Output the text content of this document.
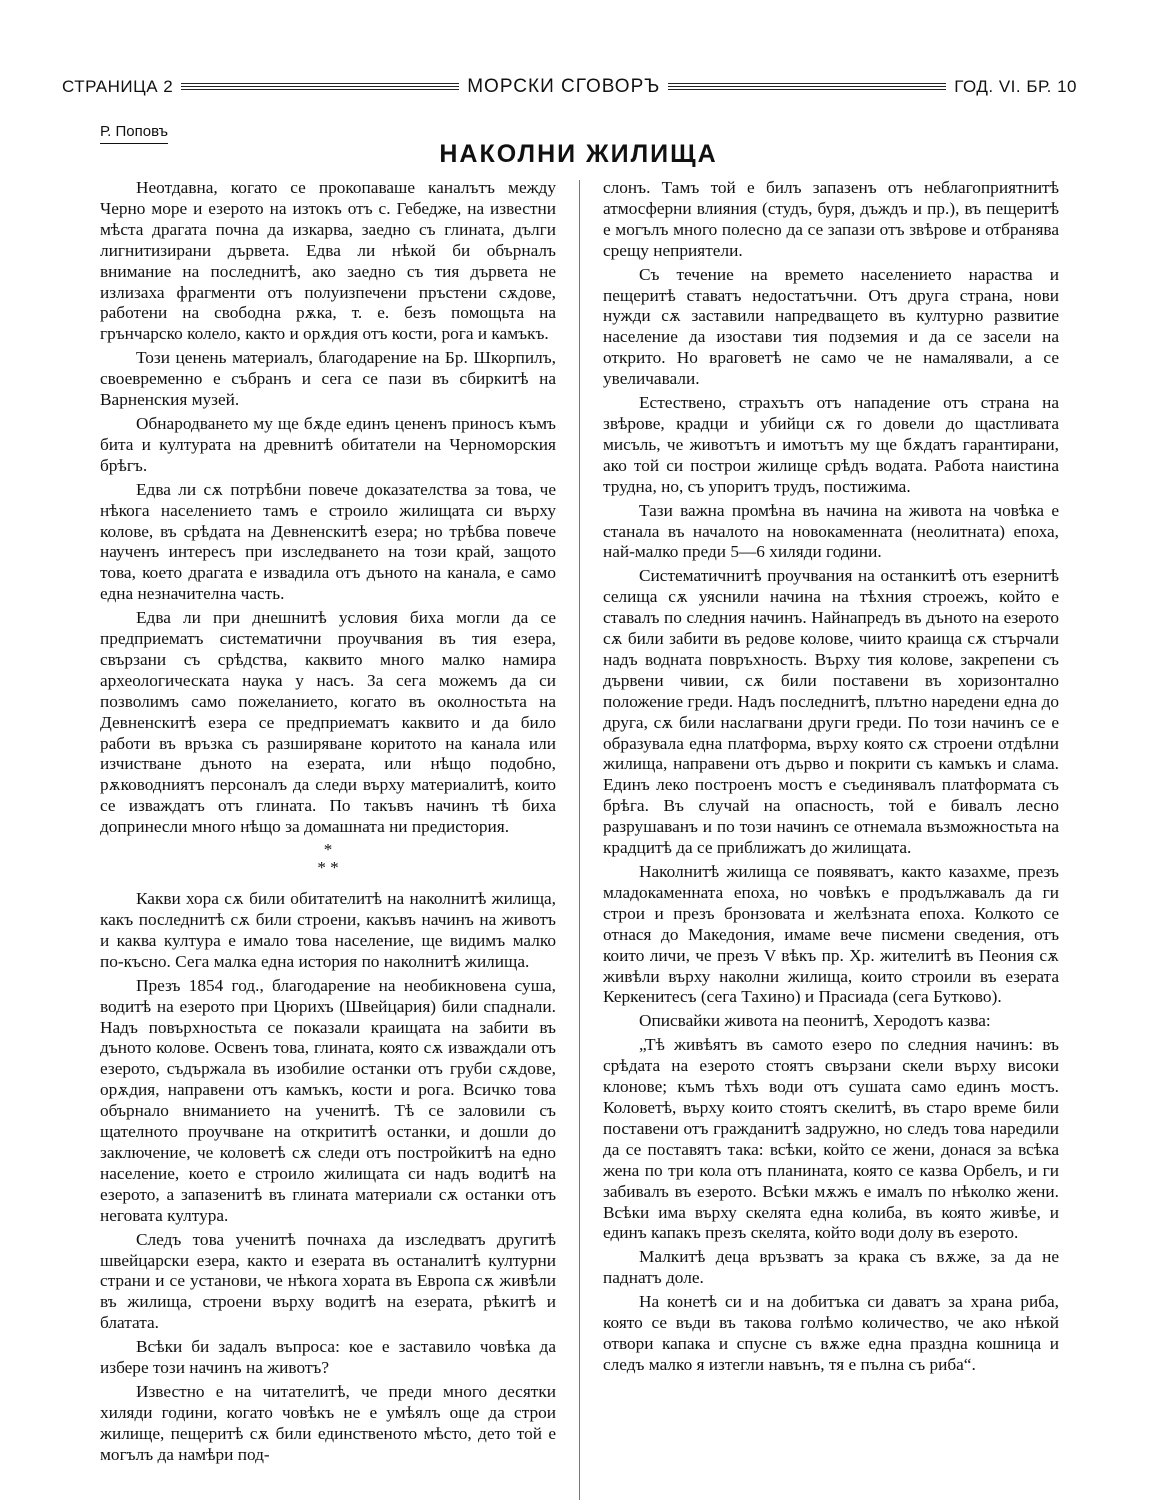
СТРАНИЦА 2	МОРСКИ СГОВОРЪ	ГОД. VI. БР. 10
Р. Поповъ
НАКОЛНИ ЖИЛИЩА

Неотдавна, когато се прокопаваше каналътъ между Черно море и езерото на изтокъ отъ с. Гебедже, на известни мѣста драгата почна да изкарва, заедно съ глината, дълги лигнитизирани дървета. Едва ли нѣкой би обърналъ внимание на последнитѣ, ако заедно съ тия дървета не излизаха фрагменти отъ полуизпечени пръстени сѫдове, работени на свободна рѫка, т. е. безъ помощьта на грънчарско колело, както и орѫдия отъ кости, рога и камъкъ.

Този ценень материалъ, благодарение на Бр. Шкорпилъ, своевременно е събранъ и сега се пази въ сбиркитѣ на Варненския музей.

Обнародването му ще бѫде единъ цененъ приносъ къмъ бита и културата на древнитѣ обитатели на Черноморския брѣгъ.

Едва ли сѫ потрѣбни повече доказателства за това, че нѣкога населението тамъ е строило жилищата си върху колове, въ срѣдата на Девненскитѣ езера; но трѣбва повече наученъ интересъ при изследването на този край, защото това, което драгата е извадила отъ дъното на канала, е само една незначителна часть.

Едва ли при днешнитѣ условия биха могли да се предприематъ систематични проучвания въ тия езера, свързани съ срѣдства, каквито много малко намира археологическата наука у насъ. За сега можемъ да си позволимъ само пожеланието, когато въ околностьта на Девненскитѣ езера се предприематъ каквито и да било работи въ връзка съ разширяване коритото на канала или изчистване дъното на езерата, или нѣщо подобно, рѫководниятъ персоналъ да следи върху материалитѣ, които се изваждатъ отъ глината. По такъвъ начинъ тѣ биха допринесли много нѣщо за домашната ни предистория.

*
* *

Какви хора сѫ били обитателитѣ на наколнитѣ жилища, какъ последнитѣ сѫ били строени, какъвъ начинъ на животъ и каква култура е имало това население, ще видимъ малко по-късно. Сега малка една история по наколнитѣ жилища.

Презъ 1854 год., благодарение на необикновена суша, водитѣ на езерото при Цюрихъ (Швейцария) били спаднали. Надъ повърхностьта се показали краищата на забити въ дъното колове. Освенъ това, глината, която сѫ изваждали отъ езерото, съдържала въ изобилие останки отъ груби сѫдове, орѫдия, направени отъ камъкъ, кости и рога. Всичко това обърнало вниманието на ученитѣ. Тѣ се заловили съ щателното проучване на открититѣ останки, и дошли до заключение, че коловетѣ сѫ следи отъ постройкитѣ на едно население, което е строило жилищата си надъ водитѣ на езерото, а запазенитѣ въ глината материали сѫ останки отъ неговата култура.

Следъ това ученитѣ почнаха да изследватъ другитѣ швейцарски езера, както и езерата въ останалитѣ културни страни и се установи, че нѣкога хората въ Европа сѫ живѣли въ жилища, строени върху водитѣ на езерата, рѣкитѣ и блатата.

Всѣки би задалъ въпроса: кое е заставило човѣка да избере този начинъ на животъ?

Известно е на читателитѣ, че преди много десятки хиляди години, когато човѣкъ не е умѣялъ още да строи жилище, пещеритѣ сѫ били единственото мѣсто, дето той е могълъ да намѣри под-

слонъ. Тамъ той е билъ запазенъ отъ неблагоприятнитѣ атмосферни влияния (студъ, буря, дъждъ и пр.), въ пещеритѣ е могълъ много полесно да се запази отъ звѣрове и отбранява срещу неприятели.

Съ течение на времето населението нараства и пещеритѣ ставатъ недостатъчни. Отъ друга страна, нови нужди сѫ заставили напредващето въ културно развитие население да изостави тия подземия и да се засели на открито. Но враговетѣ не само че не намалявали, а се увеличавали.

Естествено, страхътъ отъ нападение отъ страна на звѣрове, крадци и убийци сѫ го довели до щастливата мисъль, че животътъ и имотътъ му ще бѫдатъ гарантирани, ако той си построи жилище срѣдъ водата. Работа наистина трудна, но, съ упоритъ трудъ, постижима.

Тази важна промѣна въ начина на живота на човѣка е станала въ началото на новокаменната (неолитната) епоха, най-малко преди 5—6 хиляди години.

Систематичнитѣ проучвания на останкитѣ отъ езернитѣ селища сѫ уяснили начина на тѣхния строежъ, който е ставалъ по следния начинъ. Найнапредъ въ дъното на езерото сѫ били забити въ редове колове, чиито краища сѫ стърчали надъ водната повръхность. Върху тия колове, закрепени съ дървени чивии, сѫ били поставени въ хоризонтално положение греди. Надъ последнитѣ, плътно наредени една до друга, сѫ били наслагвани други греди. По този начинъ се е образувала една платформа, върху която сѫ строени отдѣлни жилища, направени отъ дърво и покрити съ камъкъ и слама. Единъ леко построенъ мостъ е съединявалъ платформата съ брѣга. Въ случай на опасность, той е бивалъ лесно разрушаванъ и по този начинъ се отнемала възможностьта на крадцитѣ да се приближатъ до жилищата.

Наколнитѣ жилища се появяватъ, както казахме, презъ младокаменната епоха, но човѣкъ е продължавалъ да ги строи и презъ бронзовата и желѣзната епоха. Колкото се отнася до Македония, имаме вече писмени сведения, отъ които личи, че презъ V вѣкъ пр. Хр. жителитѣ въ Пеония сѫ живѣли върху наколни жилища, които строили въ езерата Керкенитесъ (сега Тахино) и Прасиада (сега Бутково).

Описвайки живота на пеонитѣ, Херодотъ казва:

„Тѣ живѣятъ въ самото езеро по следния начинъ: въ срѣдата на езерото стоятъ свързани скели върху високи клонове; къмъ тѣхъ води отъ сушата само единъ мостъ. Коловетѣ, върху които стоятъ скелитѣ, въ старо време били поставени отъ гражданитѣ задружно, но следъ това наредили да се поставятъ така: всѣки, който се жени, донася за всѣка жена по три кола отъ планината, която се казва Орбелъ, и ги забивалъ въ езерото. Всѣки мѫжъ е ималъ по нѣколко жени. Всѣки има върху скелята една колиба, въ която живѣе, и единъ капакъ презъ скелята, който води долу въ езерото.

Малкитѣ деца връзватъ за крака съ вѫже, за да не паднатъ доле.

На конетѣ си и на добитъка си даватъ за храна риба, която се въди въ такова голѣмо количество, че ако нѣкой отвори капака и спусне съ вѫже една праздна кошница и следъ малко я изтегли навънъ, тя е пълна съ риба“.
